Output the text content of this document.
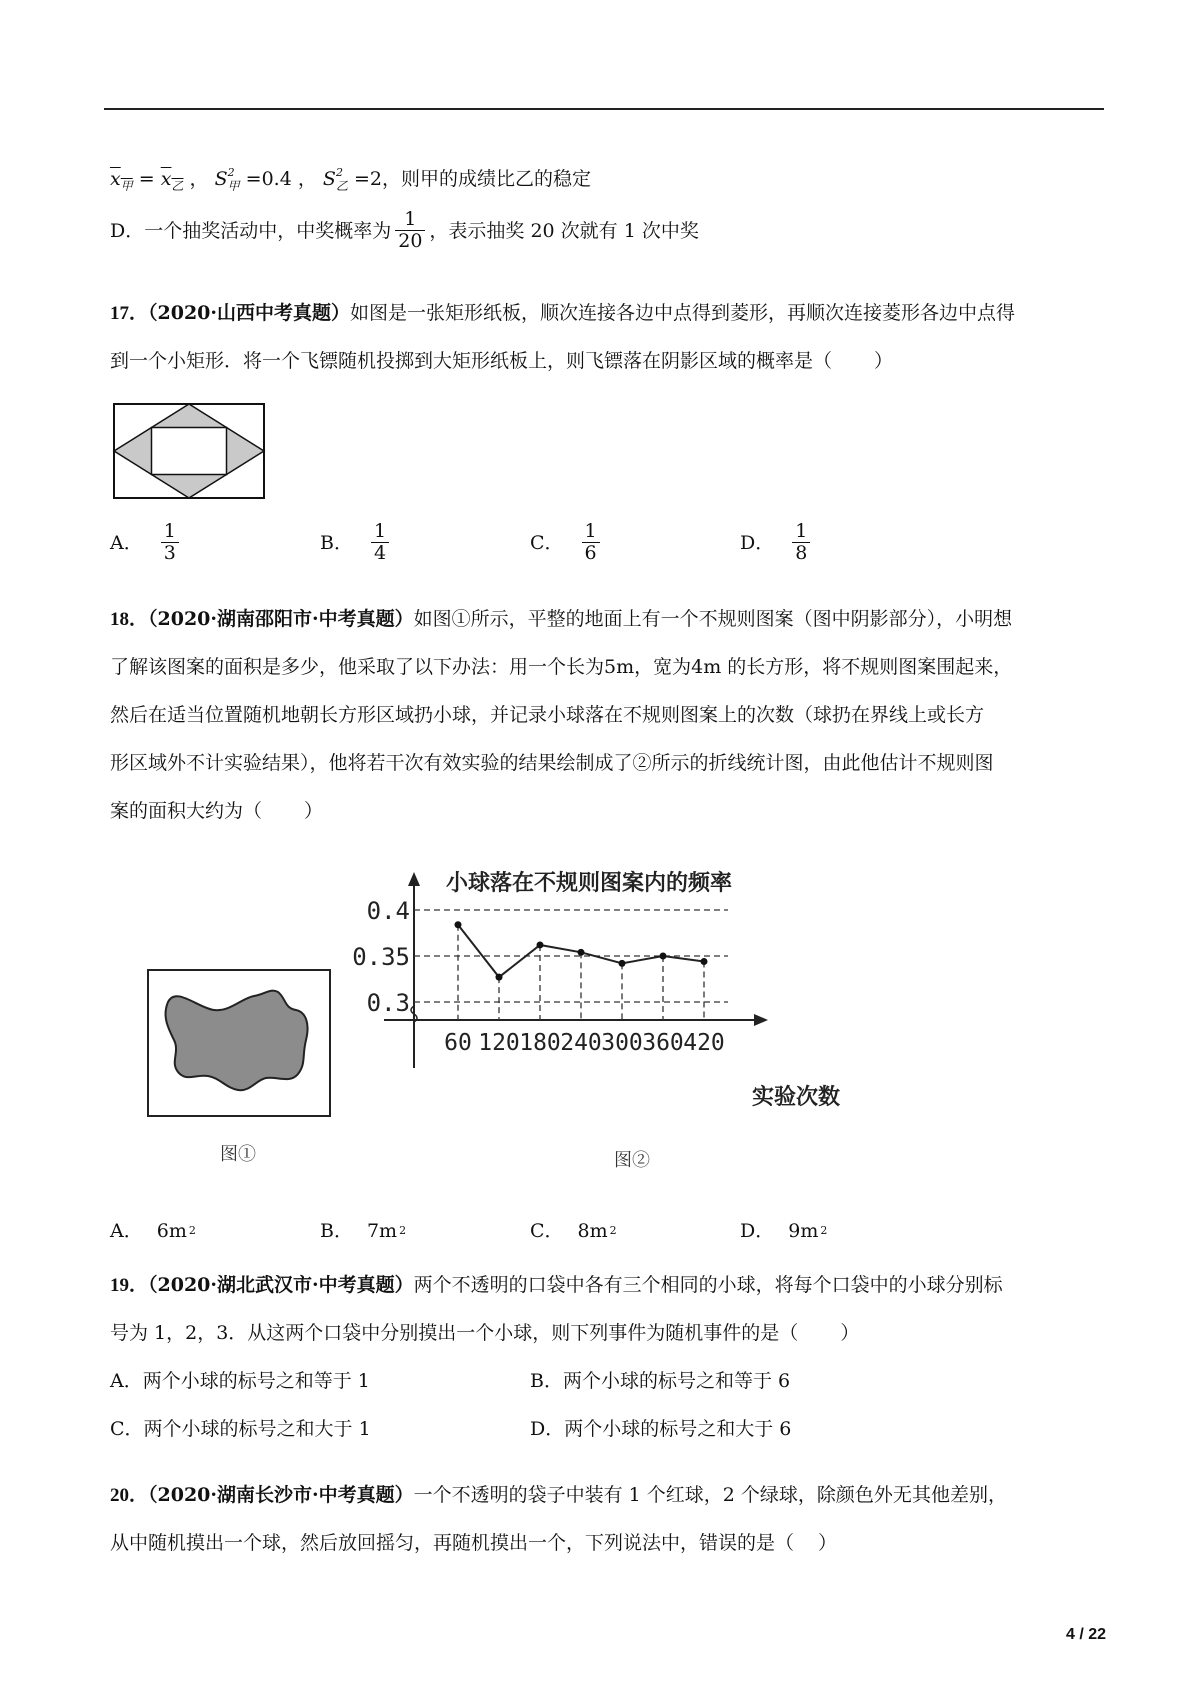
$x_甲 = x_乙$ ， $S^2_甲 =0.4$ ， $S^2_乙 =2$，则甲的成绩比乙的稳定
D．一个抽奖活动中，中奖概率为 $\frac{1}{20}$ ，表示抽奖 20 次就有 1 次中奖
17．（2020·山西中考真题）如图是一张矩形纸板，顺次连接各边中点得到菱形，再顺次连接菱形各边中点得
到一个小矩形．将一个飞镖随机投掷到大矩形纸板上，则飞镖落在阴影区域的概率是（ ）
A． $\frac{1}{3}$	B． $\frac{1}{4}$	C． $\frac{1}{6}$	D． $\frac{1}{8}$
18．（2020·湖南邵阳市·中考真题）如图①所示，平整的地面上有一个不规则图案（图中阴影部分），小明想
了解该图案的面积是多少，他采取了以下办法：用一个长为5m，宽为4m 的长方形，将不规则图案围起来，
然后在适当位置随机地朝长方形区域扔小球，并记录小球落在不规则图案上的次数（球扔在界线上或长方
形区域外不计实验结果），他将若干次有效实验的结果绘制成了②所示的折线统计图，由此他估计不规则图
案的面积大约为（ ）
图①
0.3
0.35
0.4
60 120 180 240 300 360 420
小球落在不规则图案内的频率
实验次数
图②
A． 6m 2	B． 7m 2	C． 8m 2	D． 9m 2
19．（2020·湖北武汉市·中考真题）两个不透明的口袋中各有三个相同的小球，将每个口袋中的小球分别标
号为 1，2，3．从这两个口袋中分别摸出一个小球，则下列事件为随机事件的是（ ）
A．两个小球的标号之和等于 1	B．两个小球的标号之和等于 6
C．两个小球的标号之和大于 1	D．两个小球的标号之和大于 6
20．（2020·湖南长沙市·中考真题）一个不透明的袋子中装有 1 个红球，2 个绿球，除颜色外无其他差别，
从中随机摸出一个球，然后放回摇匀，再随机摸出一个，下列说法中，错误的是（ ）
4 / 22
